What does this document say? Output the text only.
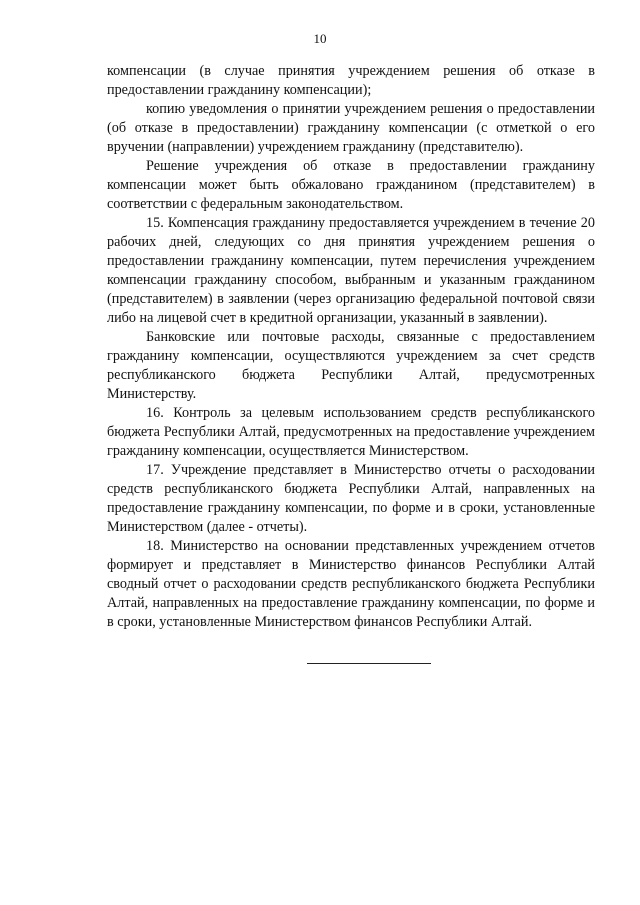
10

компенсации (в случае принятия учреждением решения об отказе в предоставлении гражданину компенсации);

копию уведомления о принятии учреждением решения о предоставлении (об отказе в предоставлении) гражданину компенсации (с отметкой о его вручении (направлении) учреждением гражданину (представителю).

Решение учреждения об отказе в предоставлении гражданину компенсации может быть обжаловано гражданином (представителем) в соответствии с федеральным законодательством.

15. Компенсация гражданину предоставляется учреждением в течение 20 рабочих дней, следующих со дня принятия учреждением решения о предоставлении гражданину компенсации, путем перечисления учреждением компенсации гражданину способом, выбранным и указанным гражданином (представителем) в заявлении (через организацию федеральной почтовой связи либо на лицевой счет в кредитной организации, указанный в заявлении).

Банковские или почтовые расходы, связанные с предоставлением гражданину компенсации, осуществляются учреждением за счет средств республиканского бюджета Республики Алтай, предусмотренных Министерству.

16. Контроль за целевым использованием средств республиканского бюджета Республики Алтай, предусмотренных на предоставление учреждением гражданину компенсации, осуществляется Министерством.

17. Учреждение представляет в Министерство отчеты о расходовании средств республиканского бюджета Республики Алтай, направленных на предоставление гражданину компенсации, по форме и в сроки, установленные Министерством (далее - отчеты).

18. Министерство на основании представленных учреждением отчетов формирует и представляет в Министерство финансов Республики Алтай сводный отчет о расходовании средств республиканского бюджета Республики Алтай, направленных на предоставление гражданину компенсации, по форме и в сроки, установленные Министерством финансов Республики Алтай.
